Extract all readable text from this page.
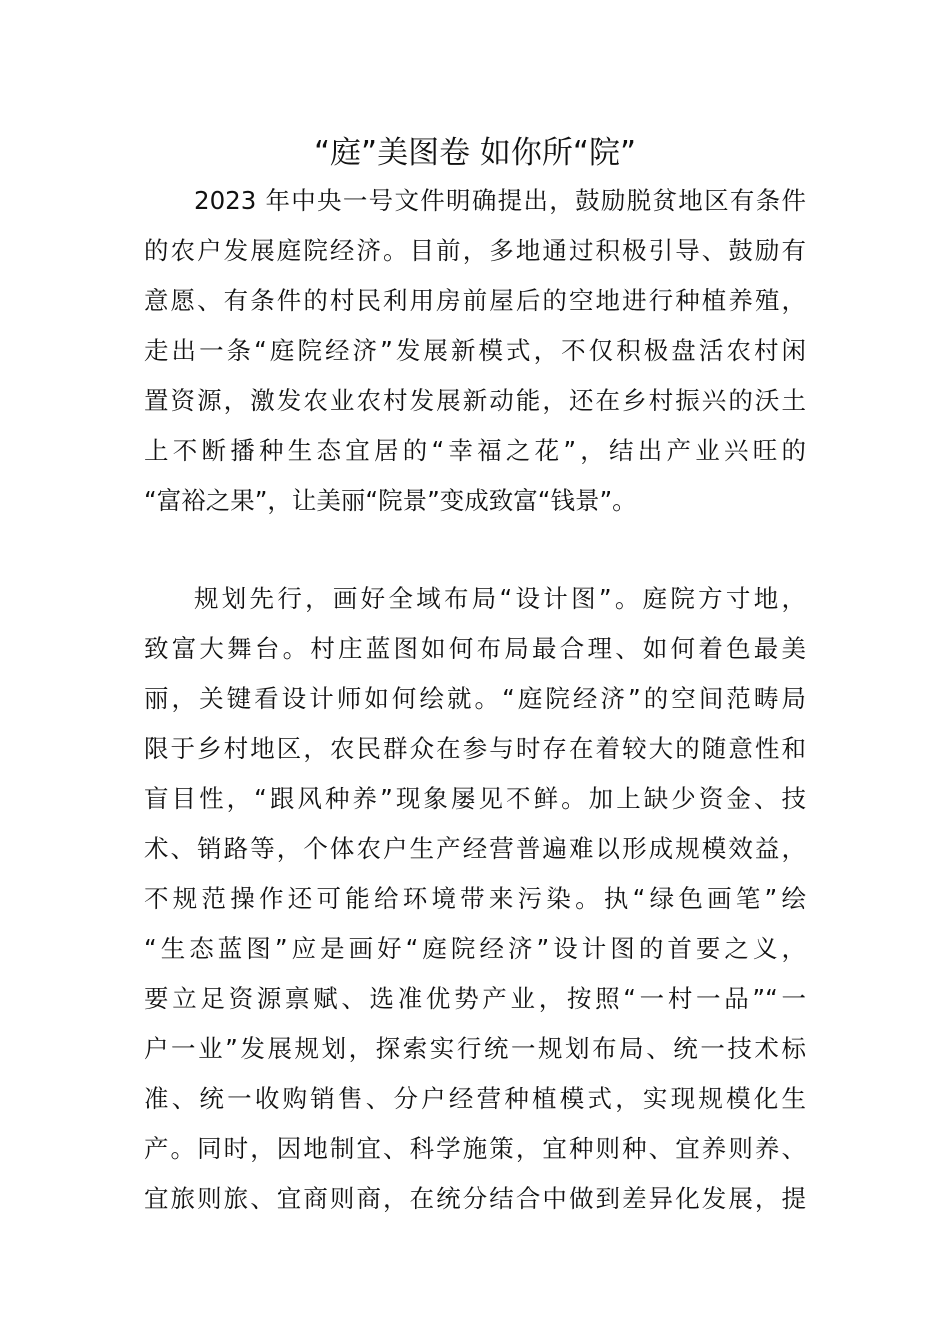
“庭”美图卷 如你所“院”

2023 年中央一号文件明确提出，鼓励脱贫地区有条件

的农户发展庭院经济。目前，多地通过积极引导、鼓励有

意愿、有条件的村民利用房前屋后的空地进行种植养殖，

走出一条“庭院经济”发展新模式，不仅积极盘活农村闲

置资源，激发农业农村发展新动能，还在乡村振兴的沃土

上不断播种生态宜居的“幸福之花”，结出产业兴旺的

“富裕之果”，让美丽“院景”变成致富“钱景”。

规划先行，画好全域布局“设计图”。庭院方寸地，

致富大舞台。村庄蓝图如何布局最合理、如何着色最美

丽，关键看设计师如何绘就。“庭院经济”的空间范畴局

限于乡村地区，农民群众在参与时存在着较大的随意性和

盲目性，“跟风种养”现象屡见不鲜。加上缺少资金、技

术、销路等，个体农户生产经营普遍难以形成规模效益，

不规范操作还可能给环境带来污染。执“绿色画笔”绘

“生态蓝图”应是画好“庭院经济”设计图的首要之义，

要立足资源禀赋、选准优势产业，按照“一村一品”“一

户一业”发展规划，探索实行统一规划布局、统一技术标

准、统一收购销售、分户经营种植模式，实现规模化生

产。同时，因地制宜、科学施策，宜种则种、宜养则养、

宜旅则旅、宜商则商，在统分结合中做到差异化发展，提
